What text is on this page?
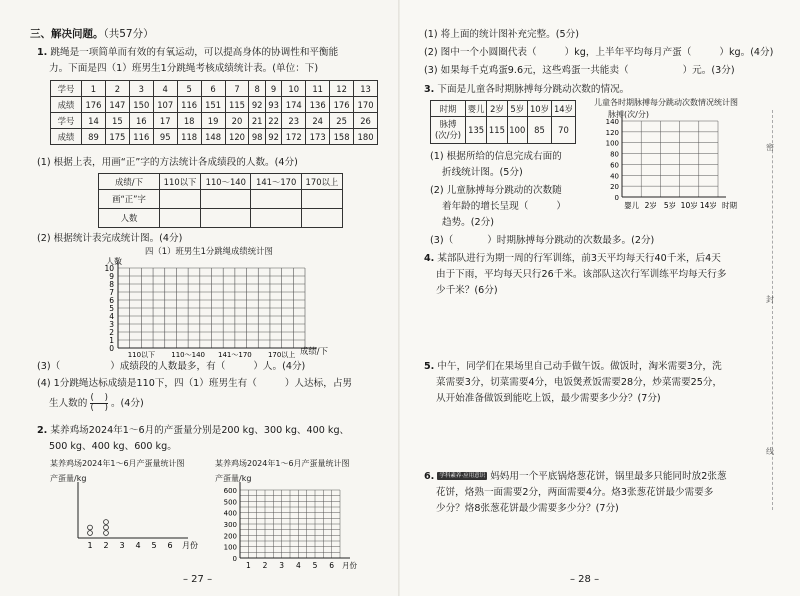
三、解决问题。（共57分）
1. 跳绳是一项简单而有效的有氧运动，可以提高身体的协调性和平衡能
力。下面是四（1）班男生1分跳绳考核成绩统计表。(单位：下)
学号	1	2	3	4	5	6	7	8	9	10	11	12	13
成绩	176	147	150	107	116	151	115	92	93	174	136	176	170
学号	14	15	16	17	18	19	20	21	22	23	24	25	26
成绩	89	175	116	95	118	148	120	98	92	172	173	158	180
(1) 根据上表，用画“正”字的方法统计各成绩段的人数。(4分)
成绩/下	110以下	110～140	141～170	170以上
画“正”字				
人数				
(2) 根据统计表完成统计图。(4分)
四（1）班男生1分跳绳成绩统计图
人数
10
9
8
7
6
5
4
3
2
1
0
110以下 110～140 141～170 170以上 成绩/下
(3)（	）成绩段的人数最多，有（	）人。(4分)
(4) 1分跳绳达标成绩是110下，四（1）班男生有（	）人达标，占男
生人数的 $\frac{( )}{( )}$ 。(4分)
2. 某养鸡场2024年1～6月的产蛋量分别是200 kg、300 kg、400 kg、
500 kg、400 kg、600 kg。
某养鸡场2024年1～6月产蛋量统计图
产蛋量/kg
1 2 3 4 5 6 月份
某养鸡场2024年1～6月产蛋量统计图
产蛋量/kg
600
500
400
300
200
100
0
1 2 3 4 5 6 月份
– 27 –
(1) 将上面的统计图补充完整。(5分)
(2) 图中一个小圆圈代表（	）kg，上半年平均每月产蛋（	）kg。(4分)
(3) 如果每千克鸡蛋9.6元，这些鸡蛋一共能卖（	）元。(3分)
3. 下面是儿童各时期脉搏每分跳动次数的情况。
时期	婴儿	2岁	5岁	10岁	14岁
脉搏
(次/分)	135	115	100	85	70
儿童各时期脉搏每分跳动次数情况统计图
脉搏(次/分)
140
120
100
80
60
40
20
0
婴儿 2岁 5岁 10岁 14岁 时期
(1) 根据所给的信息完成右面的
折线统计图。(5分)
(2) 儿童脉搏每分跳动的次数随
着年龄的增长呈现（	）
趋势。(2分)
(3)（	）时期脉搏每分跳动的次数最多。(2分)
4. 某部队进行为期一周的行军训练，前3天平均每天行40千米，后4天
由于下雨，平均每天只行26千米。该部队这次行军训练平均每天行多
少千米？(6分)
5. 中午，同学们在果场里自己动手做午饭。做饭时，淘米需要3分，洗
菜需要3分，切菜需要4分，电饭煲煮饭需要28分，炒菜需要25分，
从开始准备做饭到能吃上饭，最少需要多少分？(7分)
6. 学科素养·应用意识 妈妈用一个平底锅烙葱花饼，锅里最多只能同时放2张葱
花饼，烙熟一面需要2分，两面需要4分。烙3张葱花饼最少需要多
少分？烙8张葱花饼最少需要多少分？(7分)
密
封
线
– 28 –
